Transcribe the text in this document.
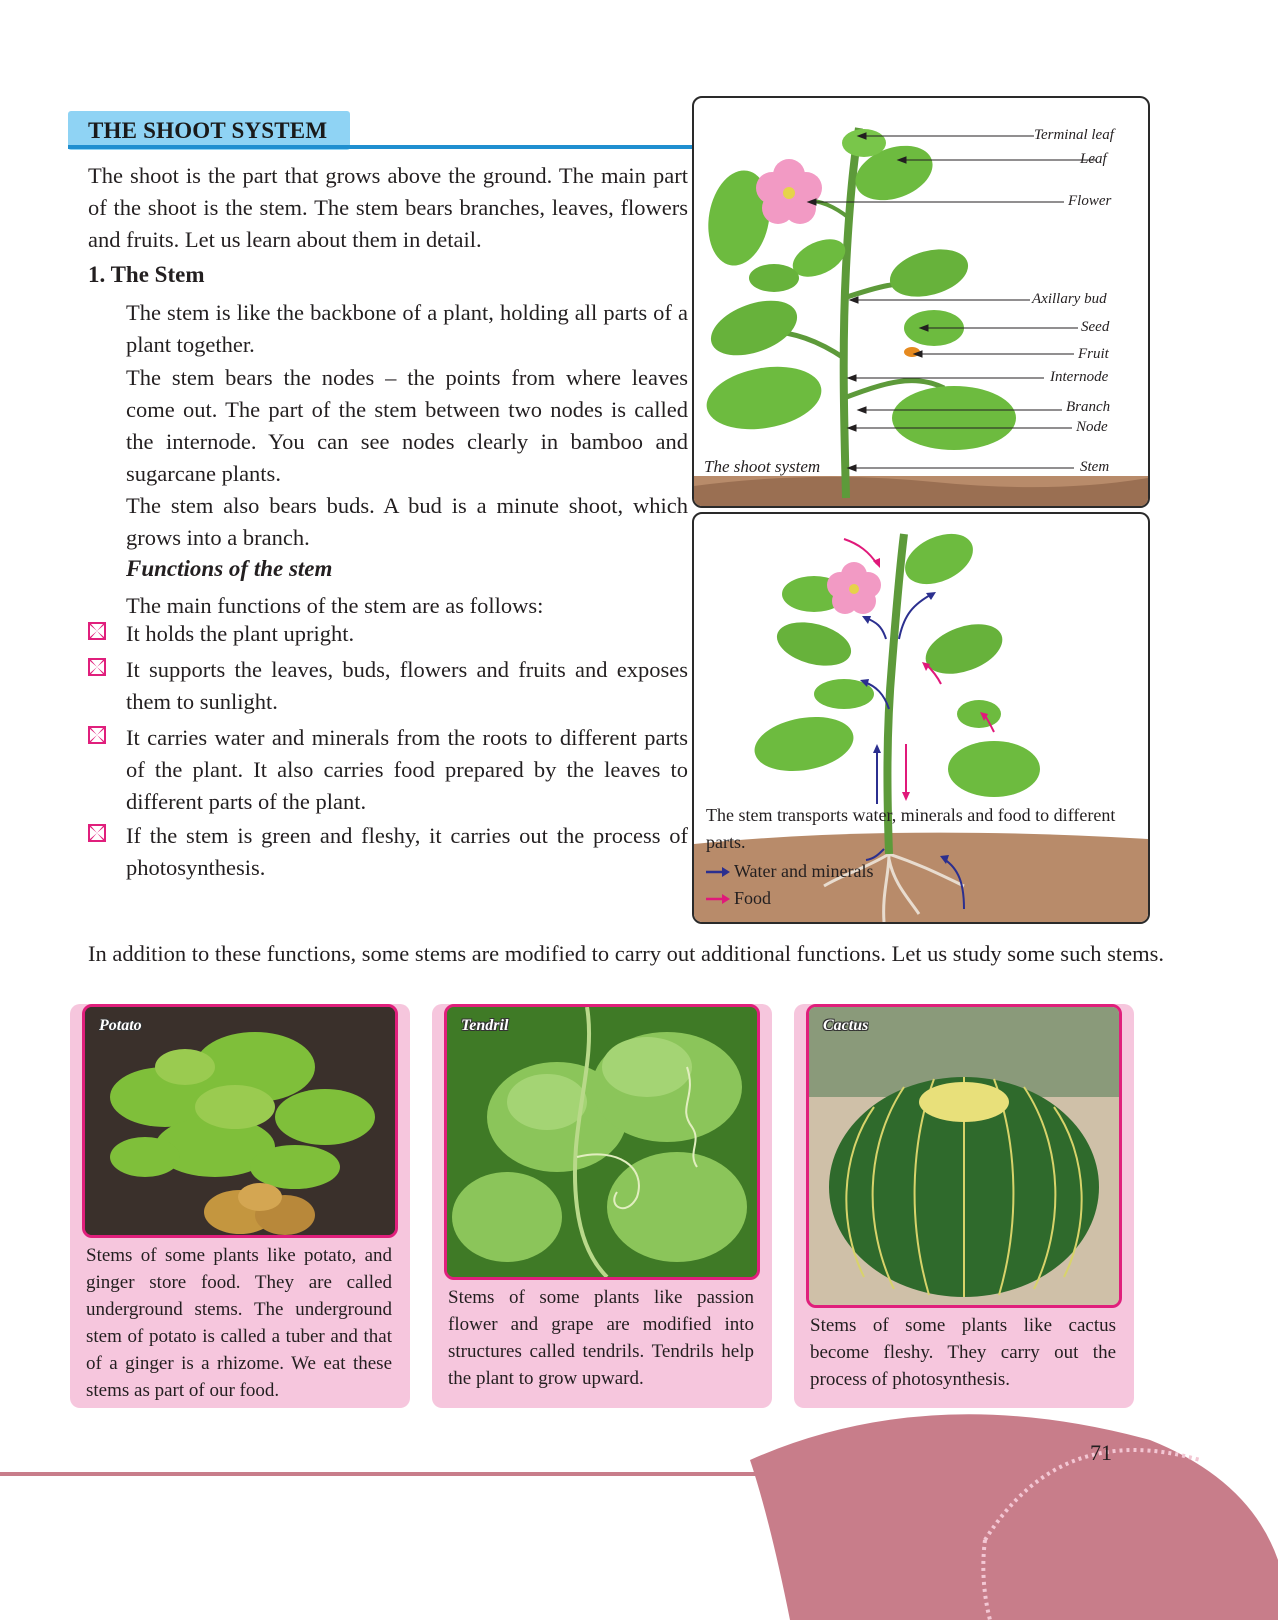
THE SHOOT SYSTEM
The shoot is the part that grows above the ground. The main part of the shoot is the stem. The stem bears branches, leaves, flowers and fruits. Let us learn about them in detail.
1. The Stem
The stem is like the backbone of a plant, holding all parts of a plant together.
The stem bears the nodes – the points from where leaves come out. The part of the stem between two nodes is called the internode. You can see nodes clearly in bamboo and sugarcane plants.
The stem also bears buds. A bud is a minute shoot, which grows into a branch.
Functions of the stem
The main functions of the stem are as follows:
It holds the plant upright.
It supports the leaves, buds, flowers and fruits and exposes them to sunlight.
It carries water and minerals from the roots to different parts of the plant. It also carries food prepared by the leaves to different parts of the plant.
If the stem is green and fleshy, it carries out the process of photosynthesis.
Terminal leaf
Leaf
Flower
Axillary bud
Seed
Fruit
Internode
Branch
Node
Stem
The shoot system
The stem transports water, minerals and food to different parts.
Water and minerals
Food
In addition to these functions, some stems are modified to carry out additional functions. Let us study some such stems.
Potato
Stems of some plants like potato, and ginger store food. They are called underground stems. The underground stem of potato is called a tuber and that of a ginger is a rhizome. We eat these stems as part of our food.
Tendril
Stems of some plants like passion flower and grape are modified into structures called tendrils. Tendrils help the plant to grow upward.
Cactus
Stems of some plants like cactus become fleshy. They carry out the process of photosynthesis.
71
